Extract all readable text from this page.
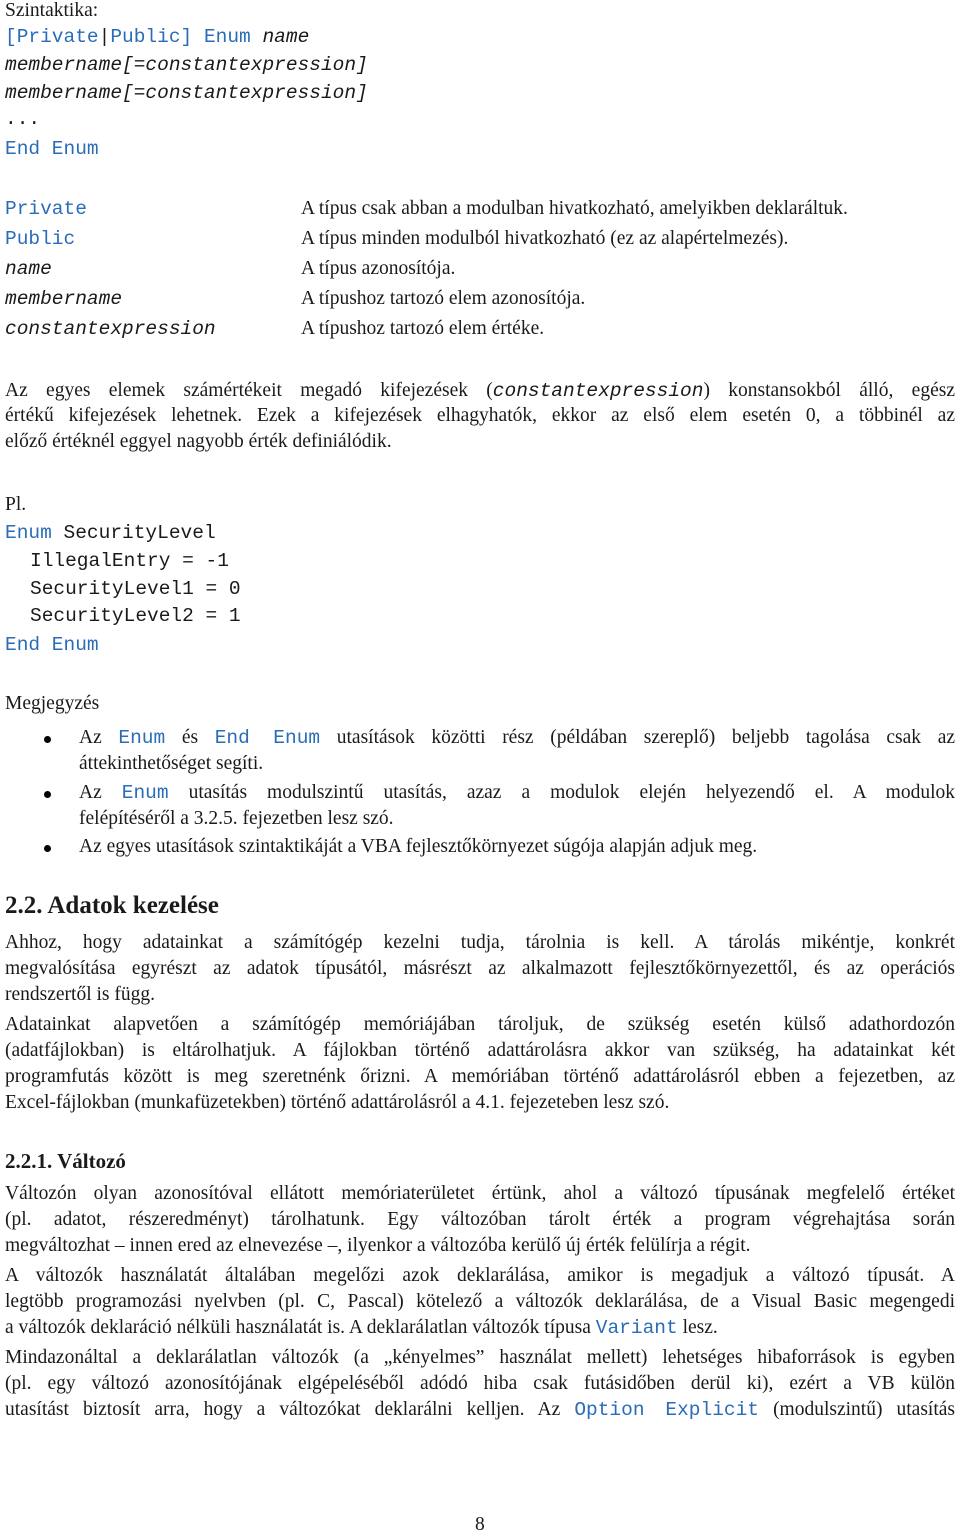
Szintaktika:
[Private|Public] Enum name
membername[=constantexpression]
membername[=constantexpression]
...
End Enum
Private	A típus csak abban a modulban hivatkozható, amelyikben deklaráltuk.
Public	A típus minden modulból hivatkozható (ez az alapértelmezés).
name	A típus azonosítója.
membername	A típushoz tartozó elem azonosítója.
constantexpression	A típushoz tartozó elem értéke.
Az egyes elemek számértékeit megadó kifejezések (constantexpression) konstansokból álló, egész
értékű kifejezések lehetnek. Ezek a kifejezések elhagyhatók, ekkor az első elem esetén 0, a többinél az
előző értéknél eggyel nagyobb érték definiálódik.
Pl.
Enum SecurityLevel
IllegalEntry = -1
SecurityLevel1 = 0
SecurityLevel2 = 1
End Enum
Megjegyzés
Az Enum és End Enum utasítások közötti rész (példában szereplő) beljebb tagolása csak az
áttekinthetőséget segíti.
Az Enum utasítás modulszintű utasítás, azaz a modulok elején helyezendő el. A modulok
felépítéséről a 3.2.5. fejezetben lesz szó.
Az egyes utasítások szintaktikáját a VBA fejlesztőkörnyezet súgója alapján adjuk meg.
2.2. Adatok kezelése
Ahhoz, hogy adatainkat a számítógép kezelni tudja, tárolnia is kell. A tárolás mikéntje, konkrét
megvalósítása egyrészt az adatok típusától, másrészt az alkalmazott fejlesztőkörnyezettől, és az operációs
rendszertől is függ.
Adatainkat alapvetően a számítógép memóriájában tároljuk, de szükség esetén külső adathordozón
(adatfájlokban) is eltárolhatjuk. A fájlokban történő adattárolásra akkor van szükség, ha adatainkat két
programfutás között is meg szeretnénk őrizni. A memóriában történő adattárolásról ebben a fejezetben, az
Excel-fájlokban (munkafüzetekben) történő adattárolásról a 4.1. fejezeteben lesz szó.
2.2.1. Változó
Változón olyan azonosítóval ellátott memóriaterületet értünk, ahol a változó típusának megfelelő értéket
(pl. adatot, részeredményt) tárolhatunk. Egy változóban tárolt érték a program végrehajtása során
megváltozhat – innen ered az elnevezése –, ilyenkor a változóba kerülő új érték felülírja a régit.
A változók használatát általában megelőzi azok deklarálása, amikor is megadjuk a változó típusát. A
legtöbb programozási nyelvben (pl. C, Pascal) kötelező a változók deklarálása, de a Visual Basic megengedi
a változók deklaráció nélküli használatát is. A deklarálatlan változók típusa Variant lesz.
Mindazonáltal a deklarálatlan változók (a „kényelmes” használat mellett) lehetséges hibaforrások is egyben
(pl. egy változó azonosítójának elgépeléséből adódó hiba csak futásidőben derül ki), ezért a VB külön
utasítást biztosít arra, hogy a változókat deklarálni kelljen. Az Option Explicit (modulszintű) utasítás
8
